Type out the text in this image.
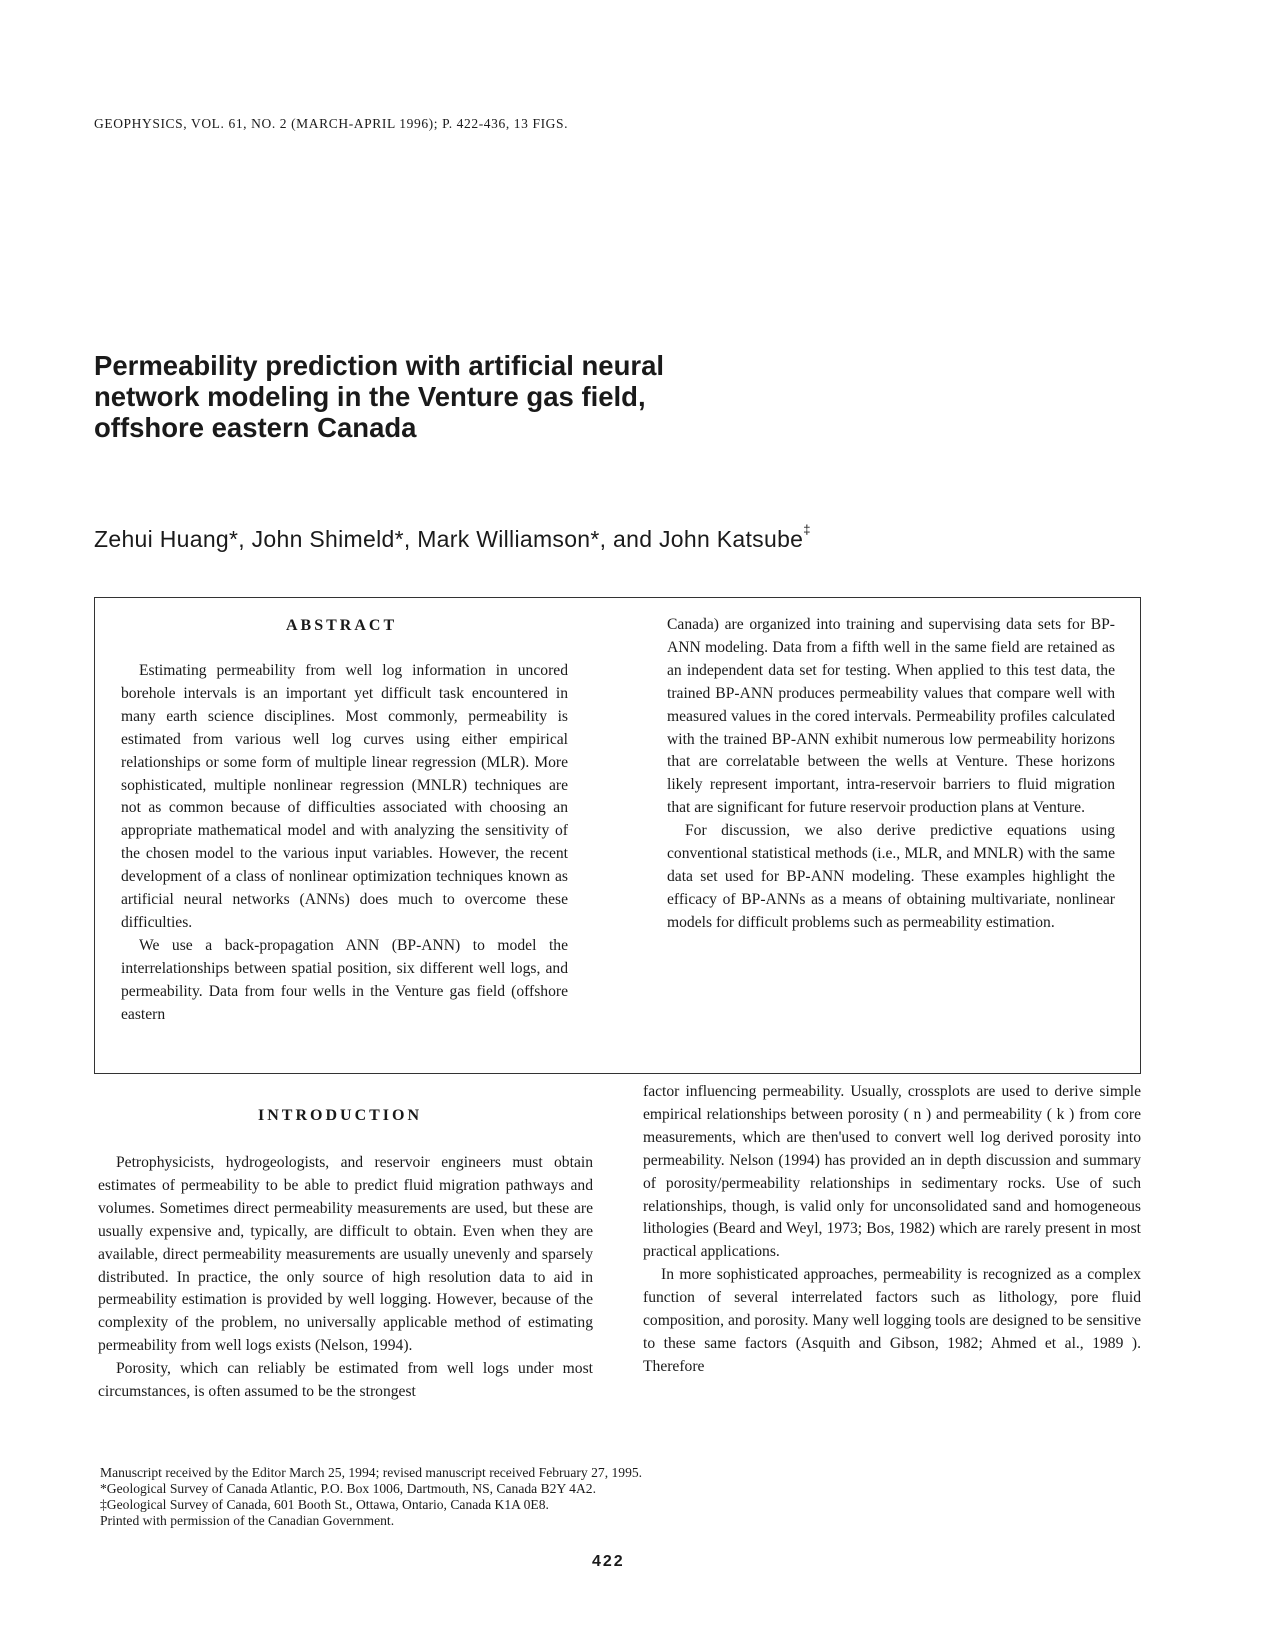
GEOPHYSICS, VOL. 61, NO. 2 (MARCH-APRIL 1996); P. 422-436, 13 FIGS.
Permeability prediction with artificial neural
network modeling in the Venture gas field,
offshore eastern Canada
Zehui Huang*, John Shimeld*, Mark Williamson*, and John Katsube‡
ABSTRACT

Estimating permeability from well log information in uncored borehole intervals is an important yet difficult task encountered in many earth science disciplines. Most commonly, permeability is estimated from various well log curves using either empirical relationships or some form of multiple linear regression (MLR). More sophisticated, multiple nonlinear regression (MNLR) techniques are not as common because of difficulties associated with choosing an appropriate mathematical model and with analyzing the sensitivity of the chosen model to the various input variables. However, the recent development of a class of nonlinear optimization techniques known as artificial neural networks (ANNs) does much to overcome these difficulties.

We use a back-propagation ANN (BP-ANN) to model the interrelationships between spatial position, six different well logs, and permeability. Data from four wells in the Venture gas field (offshore eastern

Canada) are organized into training and supervising data sets for BP-ANN modeling. Data from a fifth well in the same field are retained as an independent data set for testing. When applied to this test data, the trained BP-ANN produces permeability values that compare well with measured values in the cored intervals. Permeability profiles calculated with the trained BP-ANN exhibit numerous low permeability horizons that are correlatable between the wells at Venture. These horizons likely represent important, intra-reservoir barriers to fluid migration that are significant for future reservoir production plans at Venture.

For discussion, we also derive predictive equations using conventional statistical methods (i.e., MLR, and MNLR) with the same data set used for BP-ANN modeling. These examples highlight the efficacy of BP-ANNs as a means of obtaining multivariate, nonlinear models for difficult problems such as permeability estimation.

INTRODUCTION

Petrophysicists, hydrogeologists, and reservoir engineers must obtain estimates of permeability to be able to predict fluid migration pathways and volumes. Sometimes direct permeability measurements are used, but these are usually expensive and, typically, are difficult to obtain. Even when they are available, direct permeability measurements are usually unevenly and sparsely distributed. In practice, the only source of high resolution data to aid in permeability estimation is provided by well logging. However, because of the complexity of the problem, no universally applicable method of estimating permeability from well logs exists (Nelson, 1994).

Porosity, which can reliably be estimated from well logs under most circumstances, is often assumed to be the strongest

factor influencing permeability. Usually, crossplots are used to derive simple empirical relationships between porosity ( n ) and permeability ( k ) from core measurements, which are then'used to convert well log derived porosity into permeability. Nelson (1994) has provided an in depth discussion and summary of porosity/permeability relationships in sedimentary rocks. Use of such relationships, though, is valid only for unconsolidated sand and homogeneous lithologies (Beard and Weyl, 1973; Bos, 1982) which are rarely present in most practical applications.

In more sophisticated approaches, permeability is recognized as a complex function of several interrelated factors such as lithology, pore fluid composition, and porosity. Many well logging tools are designed to be sensitive to these same factors (Asquith and Gibson, 1982; Ahmed et al., 1989 ). Therefore

Manuscript received by the Editor March 25, 1994; revised manuscript received February 27, 1995.
*Geological Survey of Canada Atlantic, P.O. Box 1006, Dartmouth, NS, Canada B2Y 4A2.
‡Geological Survey of Canada, 601 Booth St., Ottawa, Ontario, Canada K1A 0E8.
Printed with permission of the Canadian Government.
422
